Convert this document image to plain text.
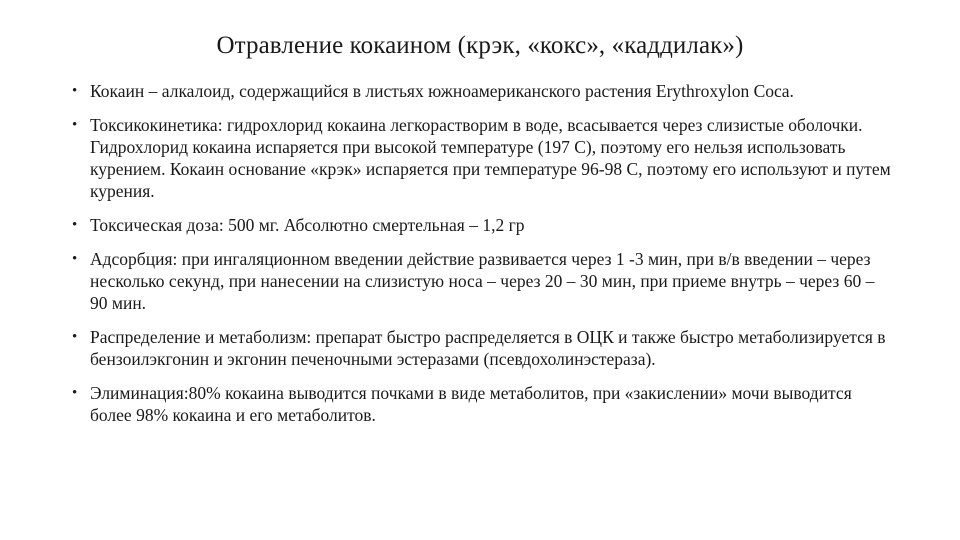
Отравление кокаином (крэк, «кокс», «каддилак»)
• Кокаин – алкалоид, содержащийся в листьях южноамериканского растения Erythroxylon Coca.
• Токсикокинетика: гидрохлорид кокаина легкорастворим в воде, всасывается через слизистые оболочки. Гидрохлорид кокаина испаряется при высокой температуре (197 С), поэтому его нельзя использовать курением. Кокаин основание «крэк» испаряется при температуре 96-98 С, поэтому его используют и путем курения.
• Токсическая доза: 500 мг. Абсолютно смертельная – 1,2 гр
• Адсорбция: при ингаляционном введении действие развивается через 1 -3 мин, при в/в введении – через несколько секунд, при нанесении на слизистую носа – через 20 – 30 мин, при приеме внутрь – через 60 – 90 мин.
• Распределение и метаболизм: препарат быстро распределяется в ОЦК и также быстро метаболизируется в бензоилэкгонин и экгонин печеночными эстеразами (псевдохолинэстераза).
• Элиминация:80% кокаина выводится почками в виде метаболитов, при «закислении» мочи выводится более 98% кокаина и его метаболитов.
